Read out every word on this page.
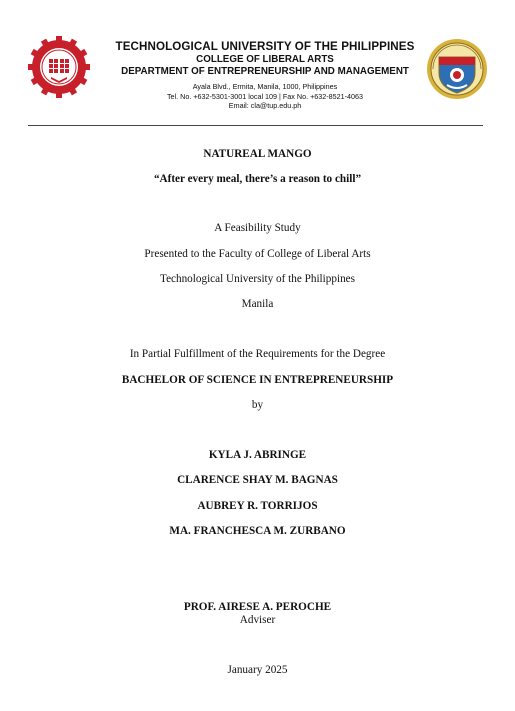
TECHNOLOGICAL UNIVERSITY OF THE PHILIPPINES
COLLEGE OF LIBERAL ARTS
DEPARTMENT OF ENTREPRENEURSHIP AND MANAGEMENT
Ayala Blvd., Ermita, Manila, 1000, Philippines
Tel. No. +632-5301-3001 local 109 | Fax No. +632-8521-4063
Email: cla@tup.edu.ph
NATUREAL MANGO
“After every meal, there’s a reason to chill”
A Feasibility Study
Presented to the Faculty of College of Liberal Arts
Technological University of the Philippines
Manila
In Partial Fulfillment of the Requirements for the Degree
BACHELOR OF SCIENCE IN ENTREPRENEURSHIP
by
KYLA J. ABRINGE
CLARENCE SHAY M. BAGNAS
AUBREY R. TORRIJOS
MA. FRANCHESCA M. ZURBANO
PROF. AIRESE A. PEROCHE
Adviser
January 2025
